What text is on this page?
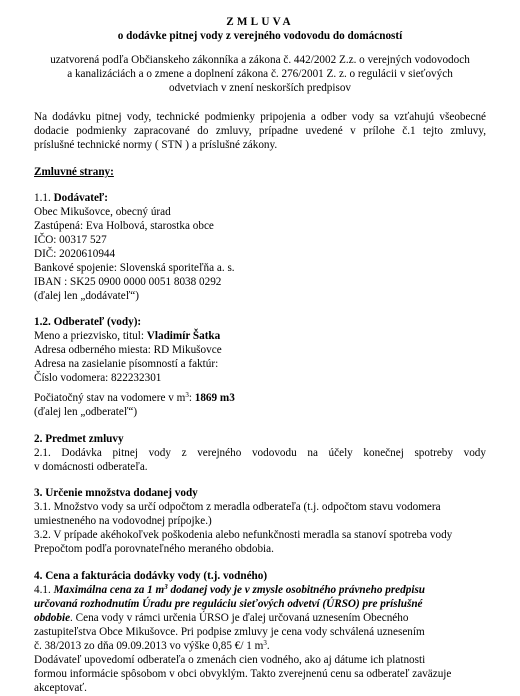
ZMLUVA
o dodávke pitnej vody z verejného vodovodu do domácností
uzatvorená podľa Občianskeho zákonníka a zákona č. 442/2002 Z.z. o verejných vodovodoch
a kanalizáciách a o zmene a doplnení zákona č. 276/2001 Z. z. o regulácii v sieťových
odvetviach v znení neskorších predpisov
Na dodávku pitnej vody, technické podmienky pripojenia a odber vody sa vzťahujú všeobecné
dodacie podmienky zapracované do zmluvy, prípadne uvedené v prílohe č.1 tejto zmluvy,
príslušné technické normy ( STN ) a príslušné zákony.
Zmluvné strany:
1.1. Dodávateľ:
Obec Mikušovce, obecný úrad
Zastúpená: Eva Holbová, starostka obce
IČO: 00317 527
DIČ: 2020610944
Bankové spojenie: Slovenská sporiteľňa a. s.
IBAN : SK25 0900 0000 0051 8038 0292
(ďalej len „dodávateľ“)
1.2. Odberateľ (vody):
Meno a priezvisko, titul: Vladimír Šatka
Adresa odberného miesta: RD Mikušovce
Adresa na zasielanie písomností a faktúr:
Číslo vodomera: 822232301
Počiatočný stav na vodomere v $m^3$: 1869 m3
(ďalej len „odberateľ“)
2. Predmet zmluvy
2.1. Dodávka pitnej vody z verejného vodovodu na účely konečnej spotreby vody
v domácnosti odberateľa.
3. Určenie množstva dodanej vody
3.1. Množstvo vody sa určí odpočtom z meradla odberateľa (t.j. odpočtom stavu vodomera
umiestneného na vodovodnej prípojke.)
3.2. V prípade akéhokoľvek poškodenia alebo nefunkčnosti meradla sa stanoví spotreba vody
Prepočtom podľa porovnateľného meraného obdobia.
4. Cena a fakturácia dodávky vody (t.j. vodného)
4.1. Maximálna cena za 1 $m^3$ dodanej vody je v zmysle osobitného právneho predpisu
určovaná rozhodnutím Úradu pre reguláciu sieťových odvetví (ÚRSO) pre príslušné
obdobie. Cena vody v rámci určenia ÚRSO je ďalej určovaná uznesením Obecného
zastupiteľstva Obce Mikušovce. Pri podpise zmluvy je cena vody schválená uznesením
č. 38/2013 zo dňa 09.09.2013 vo výške 0,85 €/ 1 $m^3$.
Dodávateľ upovedomí odberateľa o zmenách cien vodného, ako aj dátume ich platnosti
formou informácie spôsobom v obci obvyklým. Takto zverejnenú cenu sa odberateľ zaväzuje
akceptovať.
